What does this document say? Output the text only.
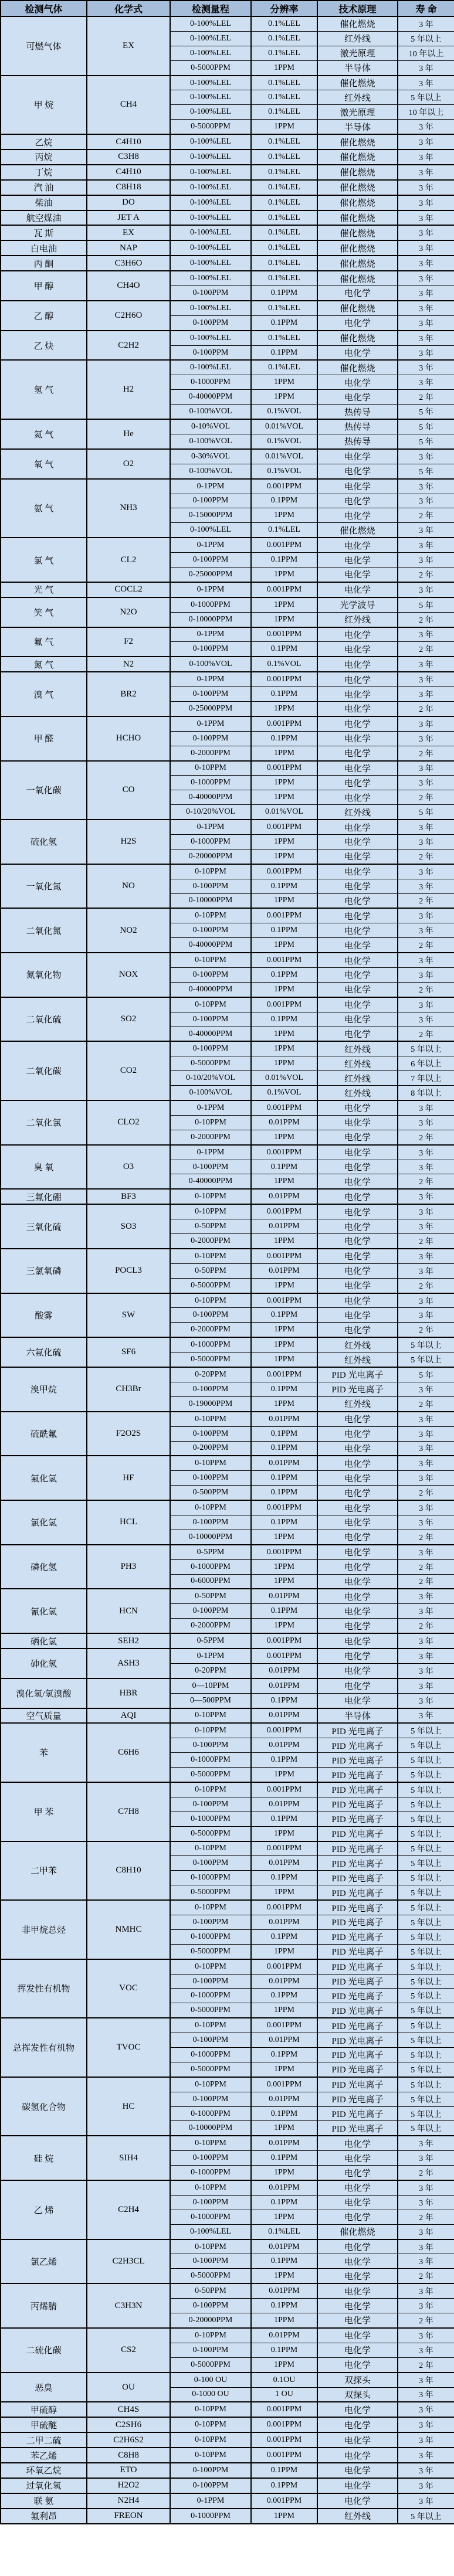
检测气体	化学式	检测量程	分辨率	技术原理	寿 命
可燃气体	EX	0-100%LEL	0.1%LEL	催化燃烧	3 年
		0-100%LEL	0.1%LEL	红外线	5 年以上
		0-100%LEL	0.1%LEL	激光原理	10 年以上
		0-5000PPM	1PPM	半导体	3 年
甲 烷	CH4	0-100%LEL	0.1%LEL	催化燃烧	3 年
		0-100%LEL	0.1%LEL	红外线	5 年以上
		0-100%LEL	0.1%LEL	激光原理	10 年以上
		0-5000PPM	1PPM	半导体	3 年
乙烷	C4H10	0-100%LEL	0.1%LEL	催化燃烧	3 年
丙烷	C3H8	0-100%LEL	0.1%LEL	催化燃烧	3 年
丁烷	C4H10	0-100%LEL	0.1%LEL	催化燃烧	3 年
汽 油	C8H18	0-100%LEL	0.1%LEL	催化燃烧	3 年
柴油	DO	0-100%LEL	0.1%LEL	催化燃烧	3 年
航空煤油	JET A	0-100%LEL	0.1%LEL	催化燃烧	3 年
瓦 斯	EX	0-100%LEL	0.1%LEL	催化燃烧	3 年
白电油	NAP	0-100%LEL	0.1%LEL	催化燃烧	3 年
丙 酮	C3H6O	0-100%LEL	0.1%LEL	催化燃烧	3 年
甲 醇	CH4O	0-100%LEL	0.1%LEL	催化燃烧	3 年
		0-100PPM	0.1PPM	电化学	3 年
乙 醇	C2H6O	0-100%LEL	0.1%LEL	催化燃烧	3 年
		0-100PPM	0.1PPM	电化学	3 年
乙 炔	C2H2	0-100%LEL	0.1%LEL	催化燃烧	3 年
		0-100PPM	0.1PPM	电化学	3 年
氢 气	H2	0-100%LEL	0.1%LEL	催化燃烧	3 年
		0-1000PPM	1PPM	电化学	3 年
		0-40000PPM	1PPM	电化学	2 年
		0-100%VOL	0.1%VOL	热传导	5 年
氦 气	He	0-10%VOL	0.01%VOL	热传导	5 年
		0-100%VOL	0.1%VOL	热传导	5 年
氧 气	O2	0-30%VOL	0.01%VOL	电化学	3 年
		0-100%VOL	0.1%VOL	电化学	5 年
氨 气	NH3	0-1PPM	0.001PPM	电化学	3 年
		0-100PPM	0.1PPM	电化学	3 年
		0-15000PPM	1PPM	电化学	2 年
		0-100%LEL	0.1%LEL	催化燃烧	3 年
氯 气	CL2	0-1PPM	0.001PPM	电化学	3 年
		0-100PPM	0.1PPM	电化学	3 年
		0-25000PPM	1PPM	电化学	2 年
光 气	COCL2	0-1PPM	0.001PPM	电化学	3 年
笑 气	N2O	0-1000PPM	1PPM	光学波导	5 年
		0-10000PPM	1PPM	红外线	2 年
氟 气	F2	0-1PPM	0.001PPM	电化学	3 年
		0-100PPM	0.1PPM	电化学	2 年
氮 气	N2	0-100%VOL	0.1%VOL	电化学	3 年
溴 气	BR2	0-1PPM	0.001PPM	电化学	3 年
		0-100PPM	0.1PPM	电化学	3 年
		0-25000PPM	1PPM	电化学	2 年
甲 醛	HCHO	0-1PPM	0.001PPM	电化学	3 年
		0-100PPM	0.1PPM	电化学	3 年
		0-2000PPM	1PPM	电化学	2 年
一氧化碳	CO	0-10PPM	0.001PPM	电化学	3 年
		0-1000PPM	1PPM	电化学	3 年
		0-40000PPM	1PPM	电化学	2 年
		0-10/20%VOL	0.01%VOL	红外线	5 年
硫化氢	H2S	0-1PPM	0.001PPM	电化学	3 年
		0-1000PPM	1PPM	电化学	3 年
		0-20000PPM	1PPM	电化学	2 年
一氧化氮	NO	0-10PPM	0.001PPM	电化学	3 年
		0-100PPM	0.1PPM	电化学	3 年
		0-10000PPM	1PPM	电化学	2 年
二氧化氮	NO2	0-10PPM	0.001PPM	电化学	3 年
		0-100PPM	0.1PPM	电化学	3 年
		0-40000PPM	1PPM	电化学	2 年
氮氧化物	NOX	0-10PPM	0.001PPM	电化学	3 年
		0-100PPM	0.1PPM	电化学	3 年
		0-40000PPM	1PPM	电化学	2 年
二氧化硫	SO2	0-10PPM	0.001PPM	电化学	3 年
		0-100PPM	0.1PPM	电化学	3 年
		0-40000PPM	1PPM	电化学	2 年
二氧化碳	CO2	0-100PPM	1PPM	红外线	5 年以上
		0-5000PPM	1PPM	红外线	6 年以上
		0-10/20%VOL	0.01%VOL	红外线	7 年以上
		0-100%VOL	0.1%VOL	红外线	8 年以上
二氧化氯	CLO2	0-1PPM	0.001PPM	电化学	3 年
		0-10PPM	0.01PPM	电化学	3 年
		0-2000PPM	1PPM	电化学	2 年
臭 氧	O3	0-1PPM	0.001PPM	电化学	3 年
		0-100PPM	0.1PPM	电化学	3 年
		0-40000PPM	1PPM	电化学	2 年
三氟化硼	BF3	0-10PPM	0.01PPM	电化学	3 年
三氧化硫	SO3	0-10PPM	0.001PPM	电化学	3 年
		0-50PPM	0.01PPM	电化学	3 年
		0-2000PPM	1PPM	电化学	2 年
三氯氧磷	POCL3	0-10PPM	0.001PPM	电化学	3 年
		0-50PPM	0.01PPM	电化学	3 年
		0-5000PPM	1PPM	电化学	2 年
酸雾	SW	0-10PPM	0.001PPM	电化学	3 年
		0-100PPM	0.1PPM	电化学	3 年
		0-2000PPM	1PPM	电化学	2 年
六氟化硫	SF6	0-1000PPM	1PPM	红外线	5 年以上
		0-5000PPM	1PPM	红外线	5 年以上
溴甲烷	CH3Br	0-20PPM	0.001PPM	PID 光电离子	5 年
		0-100PPM	0.1PPM	PID 光电离子	3 年
		0-19000PPM	1PPM	红外线	2 年
硫酰氟	F2O2S	0-10PPM	0.01PPM	电化学	3 年
		0-100PPM	0.1PPM	电化学	3 年
		0-200PPM	0.1PPM	电化学	3 年
氟化氢	HF	0-10PPM	0.01PPM	电化学	3 年
		0-100PPM	0.1PPM	电化学	3 年
		0-500PPM	0.1PPM	电化学	2 年
氯化氢	HCL	0-10PPM	0.001PPM	电化学	3 年
		0-100PPM	0.1PPM	电化学	3 年
		0-10000PPM	1PPM	电化学	2 年
磷化氢	PH3	0-5PPM	0.001PPM	电化学	3 年
		0-1000PPM	1PPM	电化学	2 年
		0-6000PPM	1PPM	电化学	2 年
氰化氢	HCN	0-50PPM	0.01PPM	电化学	3 年
		0-100PPM	0.1PPM	电化学	3 年
		0-2000PPM	1PPM	电化学	2 年
硒化氢	SEH2	0-5PPM	0.001PPM	电化学	3 年
砷化氢	ASH3	0-1PPM	0.001PPM	电化学	3 年
		0-20PPM	0.01PPM	电化学	3 年
溴化氢/氢溴酸	HBR	0—10PPM	0.01PPM	电化学	3 年
		0—500PPM	0.1PPM	电化学	3 年
空气质量	AQI	0-10PPM	0.01PPM	半导体	3 年
苯	C6H6	0-10PPM	0.001PPM	PID 光电离子	5 年以上
		0-100PPM	0.01PPM	PID 光电离子	5 年以上
		0-1000PPM	0.1PPM	PID 光电离子	5 年以上
		0-5000PPM	1PPM	PID 光电离子	5 年以上
甲 苯	C7H8	0-10PPM	0.001PPM	PID 光电离子	5 年以上
		0-100PPM	0.01PPM	PID 光电离子	5 年以上
		0-1000PPM	0.1PPM	PID 光电离子	5 年以上
		0-5000PPM	1PPM	PID 光电离子	5 年以上
二甲苯	C8H10	0-10PPM	0.001PPM	PID 光电离子	5 年以上
		0-100PPM	0.01PPM	PID 光电离子	5 年以上
		0-1000PPM	0.1PPM	PID 光电离子	5 年以上
		0-5000PPM	1PPM	PID 光电离子	5 年以上
非甲烷总烃	NMHC	0-10PPM	0.001PPM	PID 光电离子	5 年以上
		0-100PPM	0.01PPM	PID 光电离子	5 年以上
		0-1000PPM	0.1PPM	PID 光电离子	5 年以上
		0-5000PPM	1PPM	PID 光电离子	5 年以上
挥发性有机物	VOC	0-10PPM	0.001PPM	PID 光电离子	5 年以上
		0-100PPM	0.01PPM	PID 光电离子	5 年以上
		0-1000PPM	0.1PPM	PID 光电离子	5 年以上
		0-5000PPM	1PPM	PID 光电离子	5 年以上
总挥发性有机物	TVOC	0-10PPM	0.001PPM	PID 光电离子	5 年以上
		0-100PPM	0.01PPM	PID 光电离子	5 年以上
		0-1000PPM	0.1PPM	PID 光电离子	5 年以上
		0-5000PPM	1PPM	PID 光电离子	5 年以上
碳氢化合物	HC	0-10PPM	0.001PPM	PID 光电离子	5 年以上
		0-100PPM	0.01PPM	PID 光电离子	5 年以上
		0-1000PPM	0.1PPM	PID 光电离子	5 年以上
		0-10000PPM	1PPM	PID 光电离子	5 年以上
硅 烷	SIH4	0-10PPM	0.01PPM	电化学	3 年
		0-100PPM	0.1PPM	电化学	3 年
		0-1000PPM	1PPM	电化学	2 年
乙 烯	C2H4	0-10PPM	0.01PPM	电化学	3 年
		0-100PPM	0.1PPM	电化学	3 年
		0-1000PPM	1PPM	电化学	2 年
		0-100%LEL	0.1%LEL	催化燃烧	3 年
氯乙烯	C2H3CL	0-10PPM	0.01PPM	电化学	3 年
		0-100PPM	0.1PPM	电化学	3 年
		0-5000PPM	1PPM	电化学	2 年
丙烯腈	C3H3N	0-50PPM	0.01PPM	电化学	3 年
		0-100PPM	0.1PPM	电化学	3 年
		0-20000PPM	1PPM	电化学	2 年
二硫化碳	CS2	0-10PPM	0.01PPM	电化学	3 年
		0-100PPM	0.1PPM	电化学	3 年
		0-5000PPM	1PPM	电化学	2 年
恶臭	OU	0-100 OU	0.1OU	双探头	3 年
		0-1000 OU	1 OU	双探头	3 年
甲硫醇	CH4S	0-10PPM	0.001PPM	电化学	3 年
甲硫醚	C2SH6	0-10PPM	0.001PPM	电化学	3 年
二甲二硫	C2H6S2	0-10PPM	0.001PPM	电化学	3 年
苯乙烯	C8H8	0-10PPM	0.001PPM	电化学	3 年
环氧乙烷	ETO	0-100PPM	0.1PPM	电化学	3 年
过氧化氢	H2O2	0-100PPM	0.1PPM	电化学	3 年
联 氨	N2H4	0-1PPM	0.001PPM	电化学	3 年
氟利昂	FREON	0-1000PPM	1PPM	红外线	5 年以上
